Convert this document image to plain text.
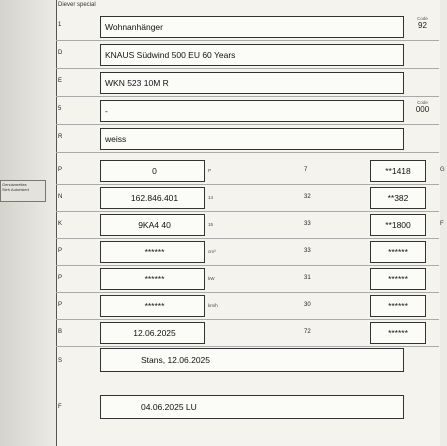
Genutzmeltes
Sieh Autorisiert
Diever special
1	Wohnanhänger
Code
92
D	KNAUS Südwind 500 EU 60 Years
E	WKN 523 10M R
5	-
Code
000
R	weiss
P	0	P	7	**1418	G
N	162.846.401	14	32	**382
K	9KA4 40	15	33	**1800	F
P	******	cm³	33	******
P	******	kW	31	******
P	******	km/h	30	******
B	12.06.2025	72	******
S	Stans, 12.06.2025
F	04.06.2025 LU
